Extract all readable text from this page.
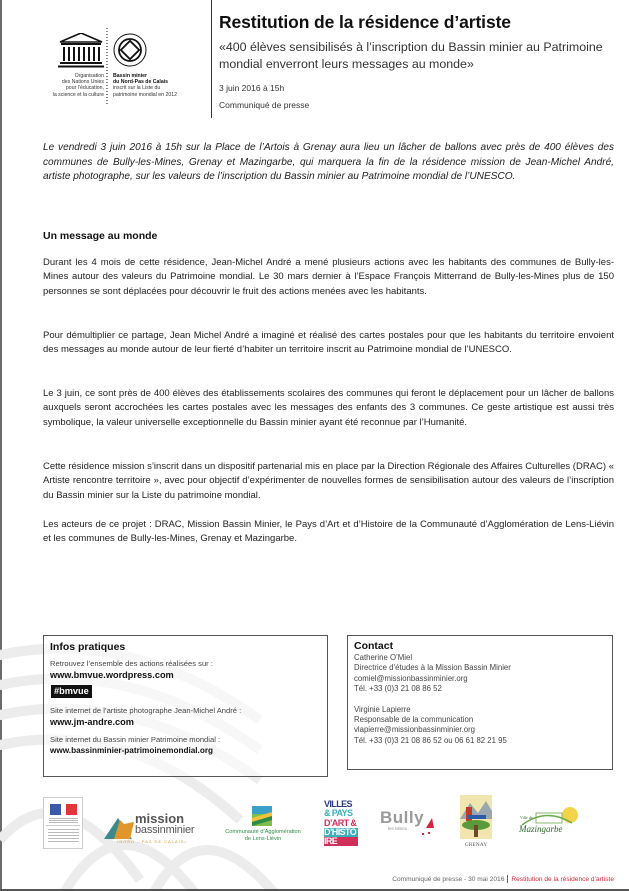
Organisation
des Nations Unies
pour l’éducation,
la science et la culture
Bassin minier
du Nord-Pas de Calais
inscrit sur la Liste du
patrimoine mondial en 2012
Restitution de la résidence d’artiste
«400 élèves sensibilisés à l’inscription du Bassin minier au Patrimoine mondial enverront leurs messages au monde»
3 juin 2016 à 15h
Communiqué de presse

Le vendredi 3 juin 2016 à 15h sur la Place de l’Artois à Grenay aura lieu un lâcher de ballons avec près de 400 élèves des communes de Bully-les-Mines, Grenay et Mazingarbe, qui marquera la fin de la résidence mission de Jean-Michel André, artiste photographe, sur les valeurs de l’inscription du Bassin minier au Patrimoine mondial de l’UNESCO.

Un message au monde

Durant les 4 mois de cette résidence, Jean-Michel André a mené plusieurs actions avec les habitants des communes de Bully-les-Mines autour des valeurs du Patrimoine mondial. Le 30 mars dernier à l’Espace François Mitterrand de Bully-les-Mines plus de 150 personnes se sont déplacées pour découvrir le fruit des actions menées avec les habitants.

Pour démultiplier ce partage, Jean Michel André a imaginé et réalisé des cartes postales pour que les habitants du territoire envoient des messages au monde autour de leur fierté d’habiter un territoire inscrit au Patrimoine mondial de l’UNESCO.

Le 3 juin, ce sont près de 400 élèves des établissements scolaires des communes qui feront le déplacement pour un lâcher de ballons auxquels seront accrochées les cartes postales avec les messages des enfants des 3 communes. Ce geste artistique est aussi très symbolique, la valeur universelle exceptionnelle du Bassin minier ayant été reconnue par l’Humanité.

Cette résidence mission s’inscrit dans un dispositif partenarial mis en place par la Direction Régionale des Affaires Culturelles (DRAC) « Artiste rencontre territoire », avec pour objectif d’expérimenter de nouvelles formes de sensibilisation autour des valeurs de l’inscription du Bassin minier sur la Liste du patrimoine mondial.

Les acteurs de ce projet : DRAC, Mission Bassin Minier, le Pays d’Art et d’Histoire de la Communauté d’Agglomération de Lens-Liévin et les communes de Bully-les-Mines, Grenay et Mazingarbe.

Infos pratiques
Retrouvez l’ensemble des actions réalisées sur :
www.bmvue.wordpress.com
#bmvue
Site internet de l’artiste photographe Jean-Michel André :
www.jm-andre.com
Site internet du Bassin minier Patrimoine mondial :
www.bassinminier-patrimoinemondial.org
Contact
Catherine O’Miel
Directrice d’études à la Mission Bassin Minier
comiel@missionbassinminier.org
Tél. +33 (0)3 21 08 86 52
Virginie Lapierre
Responsable de la communication
vlapierre@missionbassinminier.org
Tél. +33 (0)3 21 08 86 52 ou 06 61 82 21 95
mission
bassinminier
•NORD - PAS DE CALAIS•
Communauté d’Agglomération
de Lens-Liévin
VILLES
& PAYS
D’ART &
D’HISTO
IRE
Bully
les Mines
GRENAY
Ville de
Mazingarbe
Communiqué de presse - 30 mai 2016 Restitution de la résidence d’artiste
